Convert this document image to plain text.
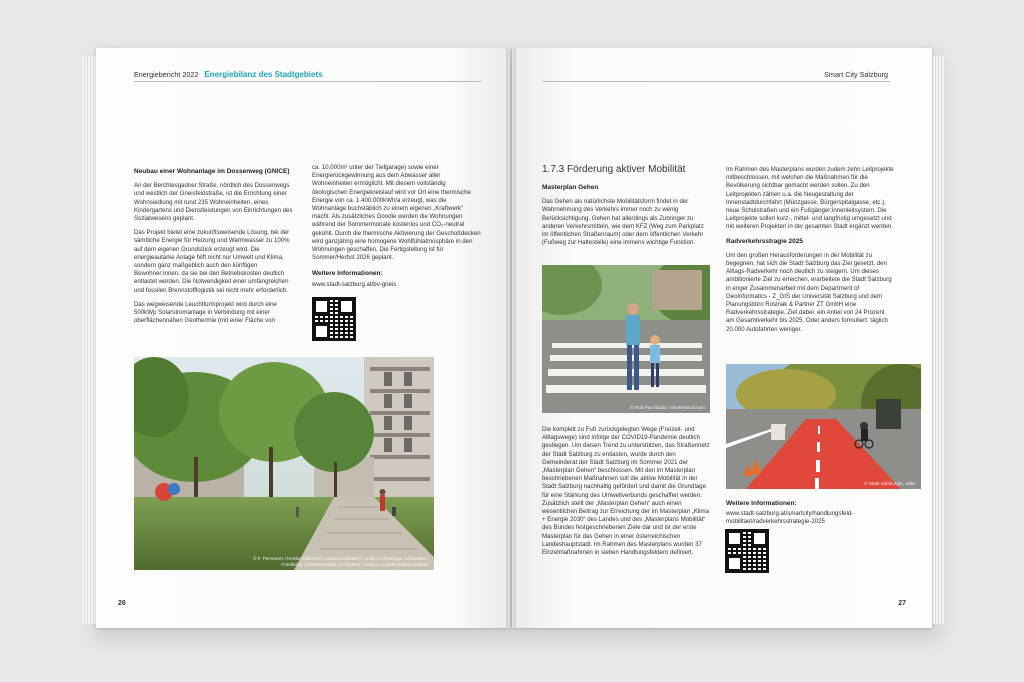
Energiebericht 2022 Energiebilanz des Stadtgebiets
Neubau einer Wohnanlage im Dossenweg (GNICE)

An der Berchtesgadner Straße, nördlich des Dossenwegs und westlich der Gneisfeldstraße, ist die Errichtung einer Wohnsiedlung mit rund 235 Wohneinheiten, eines Kindergartens und Dienstleistungen von Einrichtungen des Sozialwesens geplant.

Das Projekt bietet eine zukunftsweisende Lösung, bei der sämtliche Energie für Heizung und Warmwasser zu 100% auf dem eigenen Grundstück erzeugt wird. Die energieautarke Anlage hilft nicht nur Umwelt und Klima, sondern ganz maßgeblich auch den künftigen Bewohner:innen, da sie bei den Betriebskosten deutlich entlastet werden. Die Notwendigkeit einer umfangreichen und fossilen Brennstofflogistik sei nicht mehr erforderlich.

Das wegweisende Leuchtturmprojekt wird durch eine 500kWp Solarstromanlage in Verbindung mit einer oberflächennahen Geothermie (mit einer Fläche von

ca. 10.000m² unter der Tiefgarage) sowie einer Energierückgewinnung aus dem Abwasser aller Wohneinheiten ermöglicht. Mit diesem vollständig ökologischen Energiekreislauf wird vor Ort eine thermische Energie von ca. 1.400.000kWh/a erzeugt, was die Wohnanlage buchstäblich zu einem eigenen „Kraftwerk“ macht. Als zusätzliches Goodie werden die Wohnungen während der Sommermonate kostenlos und CO₂-neutral gekühlt. Durch die thermische Aktivierung der Geschoßdecken wird ganzjährig eine homogene Wohlfühlatmosphäre in den Wohnungen geschaffen. Die Fertigstellung ist für Sommer/Herbst 2026 geplant.

Weitere Informationen:
www.stadt-salzburg.at/bv-gneis
© F. Pernnerer / Hertha Olbernhe | Strobl Architekten / Volker Schlesinger Architekten | Friedlicher Lichterwerkstatt Architekten / Carla Lo Landschaftsarchitektur
26
Smart City Salzburg
1.7.3 Förderung aktiver Mobilität
Masterplan Gehen

Das Gehen als natürlichste Mobilitätsform findet in der Wahrnehmung des Verkehrs immer noch zu wenig Berücksichtigung. Gehen hat allerdings als Zubringer zu anderen Verkehrsmitteln, wie dem KFZ (Weg zum Parkplatz im öffentlichen Straßenraum) oder dem öffentlichen Verkehr (Fußweg zur Haltestelle) eine immens wichtige Funktion.

© Rod Pan studio / shutterstock.com

Die komplett zu Fuß zurückgelegten Wege (Freizeit- und Alltagswege) sind infolge der COVID19-Pandemie deutlich gestiegen. Um diesen Trend zu unterstützen, das Straßennetz der Stadt Salzburg zu entlasten, wurde durch den Gemeinderat der Stadt Salzburg im Sommer 2021 der „Masterplan Gehen“ beschlossen. Mit den im Masterplan beschriebenen Maßnahmen soll die aktive Mobilität in der Stadt Salzburg nachhaltig gefördert und damit die Grundlage für eine Stärkung des Umweltverbunds geschaffen werden. Zusätzlich stellt der „Masterplan Gehen“ auch einen wesentlichen Beitrag zur Erreichung der im Masterplan „Klima + Energie 2030“ des Landes und des „Masterplans Mobilität“ des Bundes festgeschriebenen Ziele dar und ist der erste Masterplan für das Gehen in einer österreichischen Landeshauptstadt. Im Rahmen des Masterplans wurden 37 Einzelmaßnahmen in sieben Handlungsfeldern definiert.

Im Rahmen des Masterplans wurden zudem zehn Leitprojekte mitbeschlossen, mit welchen die Maßnahmen für die Bevölkerung sichtbar gemacht werden sollen. Zu den Leitprojekten zählen u.a. die Neugestaltung der Innenstadtdurchfahrt (Münzgasse, Bürgerspitalgasse, etc.), neue Schulstraßen und ein Fußgänger:innenleitsystem. Die Leitprojekte sollen kurz-, mittel- und langfristig umgesetzt und mit weiteren Projekten in der gesamten Stadt ergänzt werden.

Radverkehrsstragie 2025

Um den großen Herausforderungen in der Mobilität zu begegnen, hat sich die Stadt Salzburg das Ziel gesetzt, den Alltags-Radverkehr noch deutlich zu steigern. Um dieses ambitionierte Ziel zu erreichen, erarbeitete die Stadt Salzburg in enger Zusammenarbeit mit dem Department of Geoinformatics - Z_GIS der Universität Salzburg und dem Planungsbüro Rosinak & Partner ZT GmbH eine Radverkehrsstrategie. Ziel dabei: ein Anteil von 24 Prozent am Gesamtverkehr bis 2025. Oder anders formuliert: täglich 20.000 Autofahrten weniger.

© Stadt Salzburg/A. Killer
Weitere Informationen:
www.stadt-salzburg.at/smartcity/handlungsfeld-mobilitaet/radverkehrsstrategie-2025
27
